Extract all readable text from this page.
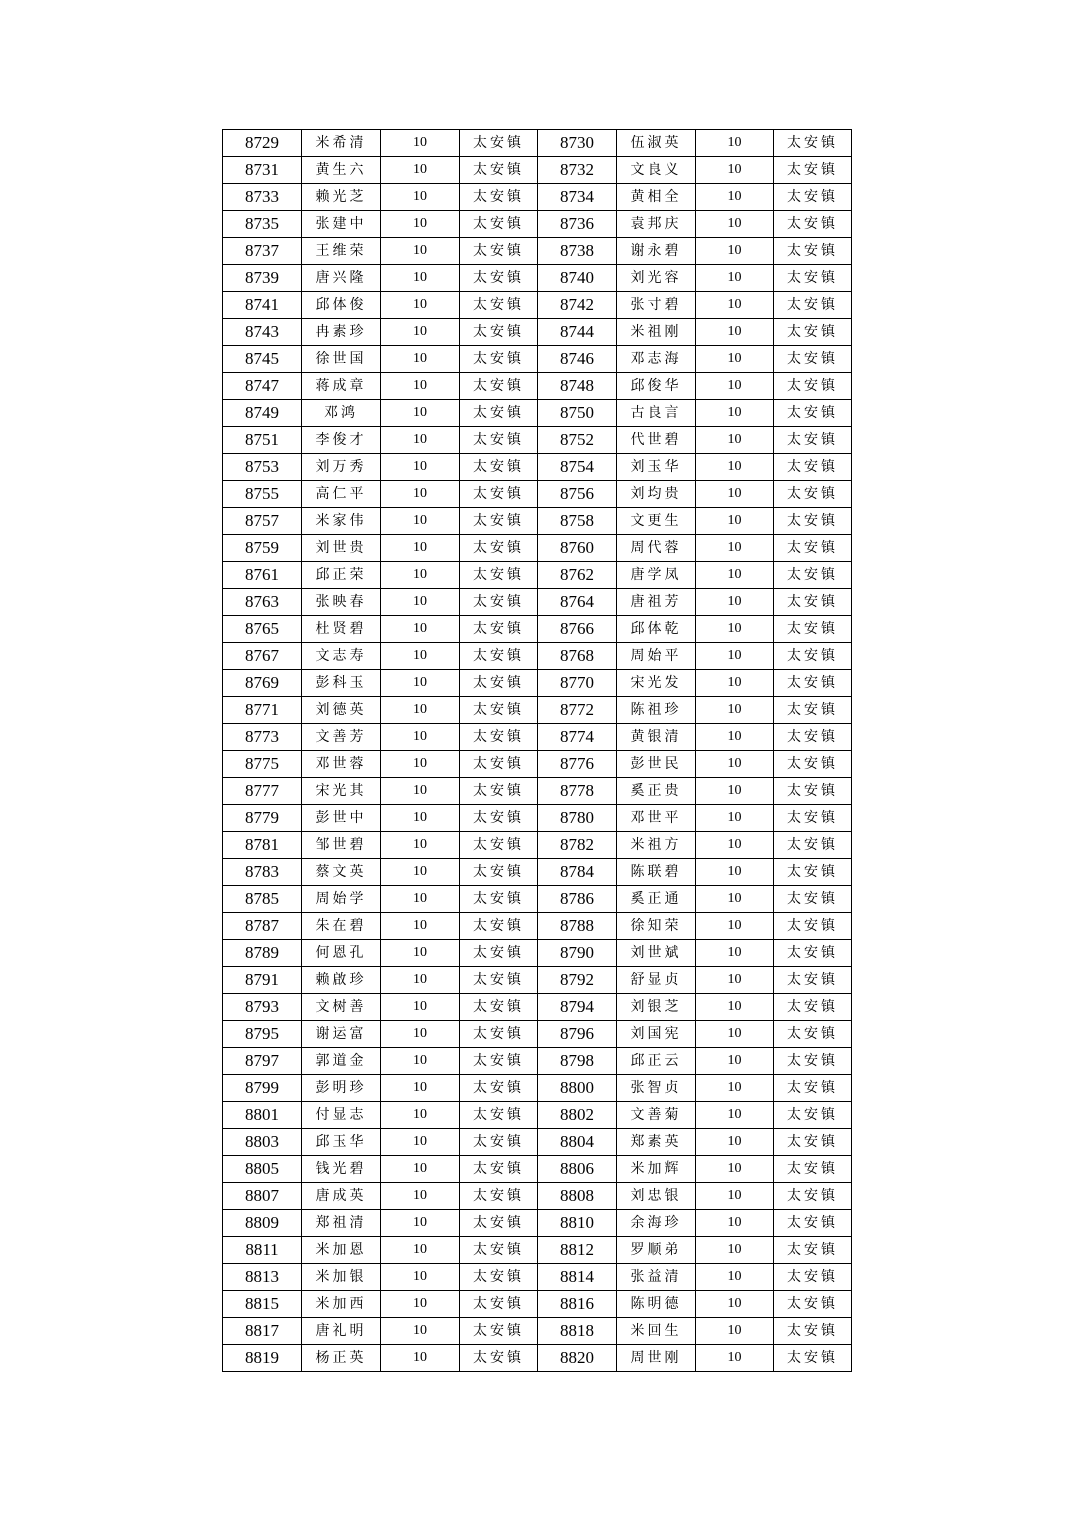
8729	米希清	10	太安镇	8730	伍淑英	10	太安镇
8731	黄生六	10	太安镇	8732	文良义	10	太安镇
8733	赖光芝	10	太安镇	8734	黄相全	10	太安镇
8735	张建中	10	太安镇	8736	袁邦庆	10	太安镇
8737	王维荣	10	太安镇	8738	谢永碧	10	太安镇
8739	唐兴隆	10	太安镇	8740	刘光容	10	太安镇
8741	邱体俊	10	太安镇	8742	张寸碧	10	太安镇
8743	冉素珍	10	太安镇	8744	米祖刚	10	太安镇
8745	徐世国	10	太安镇	8746	邓志海	10	太安镇
8747	蒋成章	10	太安镇	8748	邱俊华	10	太安镇
8749	邓鸿	10	太安镇	8750	古良言	10	太安镇
8751	李俊才	10	太安镇	8752	代世碧	10	太安镇
8753	刘万秀	10	太安镇	8754	刘玉华	10	太安镇
8755	高仁平	10	太安镇	8756	刘均贵	10	太安镇
8757	米家伟	10	太安镇	8758	文更生	10	太安镇
8759	刘世贵	10	太安镇	8760	周代蓉	10	太安镇
8761	邱正荣	10	太安镇	8762	唐学凤	10	太安镇
8763	张映春	10	太安镇	8764	唐祖芳	10	太安镇
8765	杜贤碧	10	太安镇	8766	邱体乾	10	太安镇
8767	文志寿	10	太安镇	8768	周始平	10	太安镇
8769	彭科玉	10	太安镇	8770	宋光发	10	太安镇
8771	刘德英	10	太安镇	8772	陈祖珍	10	太安镇
8773	文善芳	10	太安镇	8774	黄银清	10	太安镇
8775	邓世蓉	10	太安镇	8776	彭世民	10	太安镇
8777	宋光其	10	太安镇	8778	奚正贵	10	太安镇
8779	彭世中	10	太安镇	8780	邓世平	10	太安镇
8781	邹世碧	10	太安镇	8782	米祖方	10	太安镇
8783	蔡文英	10	太安镇	8784	陈联碧	10	太安镇
8785	周始学	10	太安镇	8786	奚正通	10	太安镇
8787	朱在碧	10	太安镇	8788	徐知荣	10	太安镇
8789	何恩孔	10	太安镇	8790	刘世斌	10	太安镇
8791	赖啟珍	10	太安镇	8792	舒显贞	10	太安镇
8793	文树善	10	太安镇	8794	刘银芝	10	太安镇
8795	谢运富	10	太安镇	8796	刘国宪	10	太安镇
8797	郭道金	10	太安镇	8798	邱正云	10	太安镇
8799	彭明珍	10	太安镇	8800	张智贞	10	太安镇
8801	付显志	10	太安镇	8802	文善菊	10	太安镇
8803	邱玉华	10	太安镇	8804	郑素英	10	太安镇
8805	钱光碧	10	太安镇	8806	米加辉	10	太安镇
8807	唐成英	10	太安镇	8808	刘忠银	10	太安镇
8809	郑祖清	10	太安镇	8810	余海珍	10	太安镇
8811	米加恩	10	太安镇	8812	罗顺弟	10	太安镇
8813	米加银	10	太安镇	8814	张益清	10	太安镇
8815	米加西	10	太安镇	8816	陈明德	10	太安镇
8817	唐礼明	10	太安镇	8818	米回生	10	太安镇
8819	杨正英	10	太安镇	8820	周世刚	10	太安镇
